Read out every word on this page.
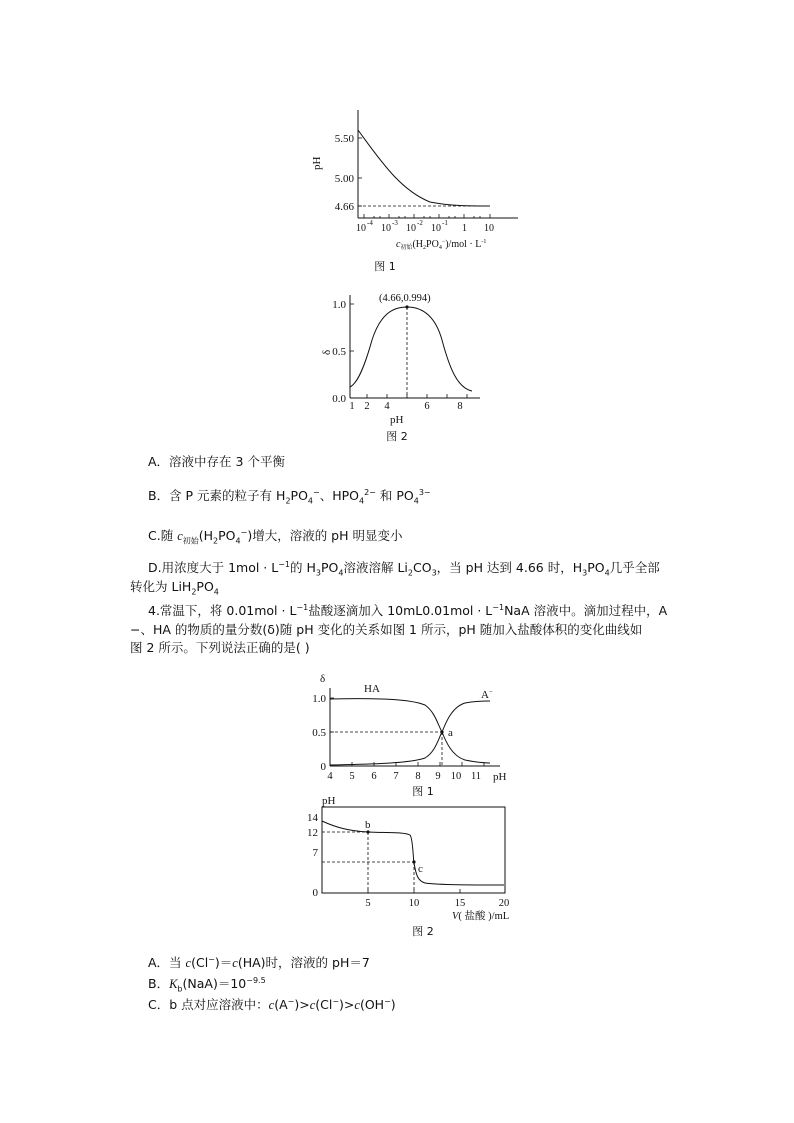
pH
5.50
5.00
4.66
10 -4 10 -3 10 -2 10 -1 1 10
$c_{初始}(H_2PO_4^-)$/mol · $L^{-1}$
图 1
(4.66,0.994)
δ
1.0
0.5
0.0
1 2 4	6	8
pH
图 2
A．溶液中存在 3 个平衡
B．含 P 元素的粒子有 $H_2PO_4^-$、$HPO_4^{2-}$ 和 $PO_4^{3-}$
C.随 $c_{初始}(H_2PO_4^-)$增大，溶液的 pH 明显变小
D.用浓度大于 $1mol \cdot L^{-1}$的 $H_3PO_4$溶液溶解 $Li_2CO_3$，当 pH 达到 4.66 时，$H_3PO_4$几乎全部
转化为 $LiH_2PO_4$
4.常温下，将 $0.01mol \cdot L^{-1}$盐酸逐滴加入 $10mL0.01mol \cdot L^{-1}NaA$ 溶液中。滴加过程中，A
−、HA 的物质的量分数(δ)随 pH 变化的关系如图 1 所示，pH 随加入盐酸体积的变化曲线如
图 2 所示。下列说法正确的是( )
a
HA	A−
δ
1.0
0.5
0
4 5 6 7 8 9 10 11 pH
图 1
b
c
pH
14
12
7
0
5	10	15	20
V( 盐酸 )/mL
图 2
A．当 c(Cl−)＝c(HA)时，溶液的 pH＝7
B．$K_b(NaA)=10^{-9.5}$
C．b 点对应溶液中：c(A−)>c(Cl−)>c(OH−)
